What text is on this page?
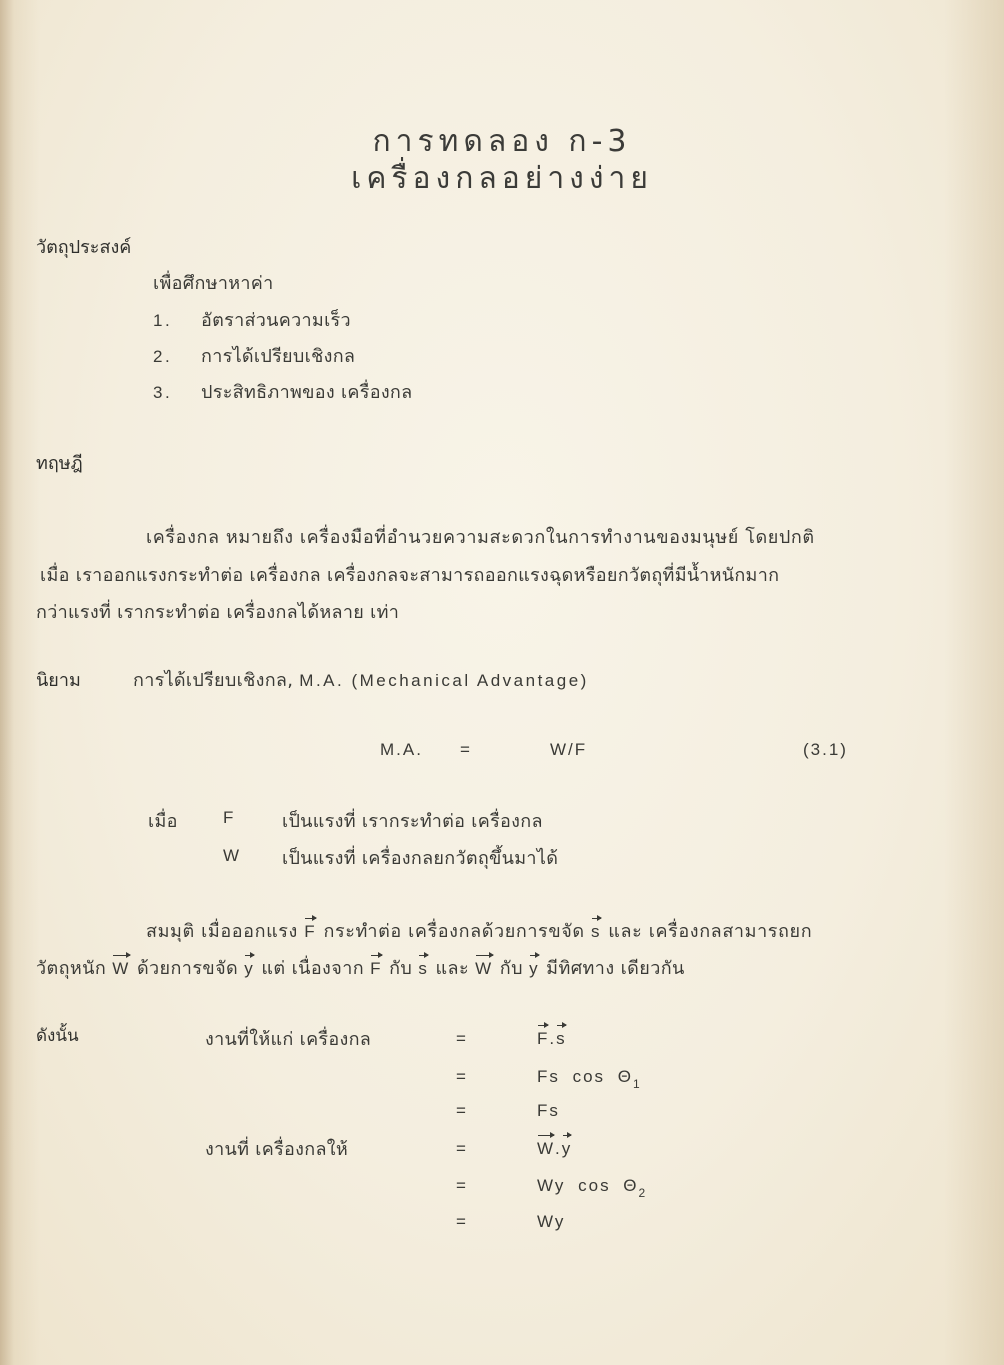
การทดลอง ก-3
เครื่องกลอย่างง่าย
วัตถุประสงค์
เพื่อศึกษาหาค่า
1. อัตราส่วนความเร็ว
2. การได้เปรียบเชิงกล
3. ประสิทธิภาพของ เครื่องกล
ทฤษฎี
เครื่องกล หมายถึง เครื่องมือที่อำนวยความสะดวกในการทำงานของมนุษย์ โดยปกติ
เมื่อ เราออกแรงกระทำต่อ เครื่องกล เครื่องกลจะสามารถออกแรงฉุดหรือยกวัตถุที่มีน้ำหนักมาก
กว่าแรงที่ เรากระทำต่อ เครื่องกลได้หลาย เท่า
นิยาม	การได้เปรียบเชิงกล, M.A. (Mechanical Advantage)
M.A. =	W/F	(3.1)
เมื่อ	F	เป็นแรงที่ เรากระทำต่อ เครื่องกล
W เป็นแรงที่ เครื่องกลยกวัตถุขึ้นมาได้
สมมุติ เมื่อออกแรง F กระทำต่อ เครื่องกลด้วยการขจัด s และ เครื่องกลสามารถยก
วัตถุหนัก W ด้วยการขจัด y แต่ เนื่องจาก F กับ s และ W กับ y มีทิศทาง เดียวกัน
ดังนั้น	งานที่ให้แก่ เครื่องกล	=	F.s
=	Fs $\cos \Theta_1$
=	Fs
งานที่ เครื่องกลให้	=	W.y
=	Wy $\cos \Theta_2$
=	Wy
